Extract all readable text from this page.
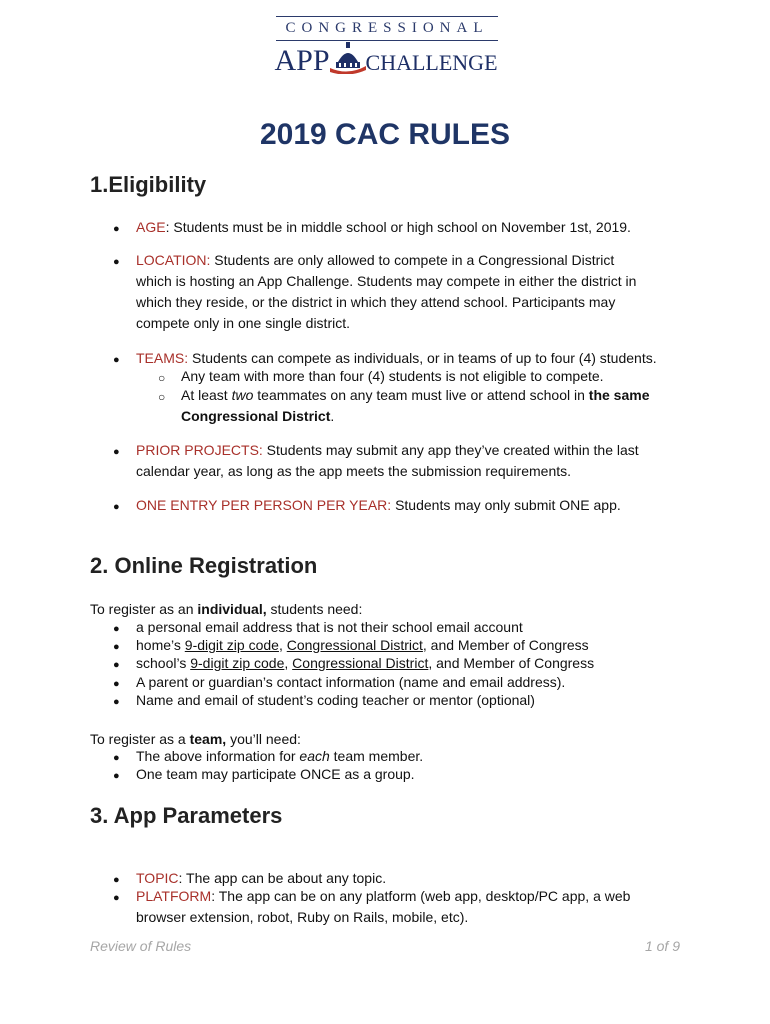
CONGRESSIONAL
APP CHALLENGE
2019 CAC RULES
1.Eligibility
● AGE: Students must be in middle school or high school on November 1st, 2019.
● LOCATION: Students are only allowed to compete in a Congressional District
which is hosting an App Challenge. Students may compete in either the district in
which they reside, or the district in which they attend school. Participants may
compete only in one single district.
● TEAMS: Students can compete as individuals, or in teams of up to four (4) students.
○ Any team with more than four (4) students is not eligible to compete.
○ At least two teammates on any team must live or attend school in the same
Congressional District.
● PRIOR PROJECTS: Students may submit any app they’ve created within the last
calendar year, as long as the app meets the submission requirements.
● ONE ENTRY PER PERSON PER YEAR: Students may only submit ONE app.
2. Online Registration
To register as an individual, students need:
● a personal email address that is not their school email account
● home’s 9-digit zip code, Congressional District, and Member of Congress
● school’s 9-digit zip code, Congressional District, and Member of Congress
● A parent or guardian’s contact information (name and email address).
● Name and email of student’s coding teacher or mentor (optional)
To register as a team, you’ll need:
● The above information for each team member.
● One team may participate ONCE as a group.
3. App Parameters
● TOPIC: The app can be about any topic.
● PLATFORM: The app can be on any platform (web app, desktop/PC app, a web
browser extension, robot, Ruby on Rails, mobile, etc).
Review of Rules	1 of 9
